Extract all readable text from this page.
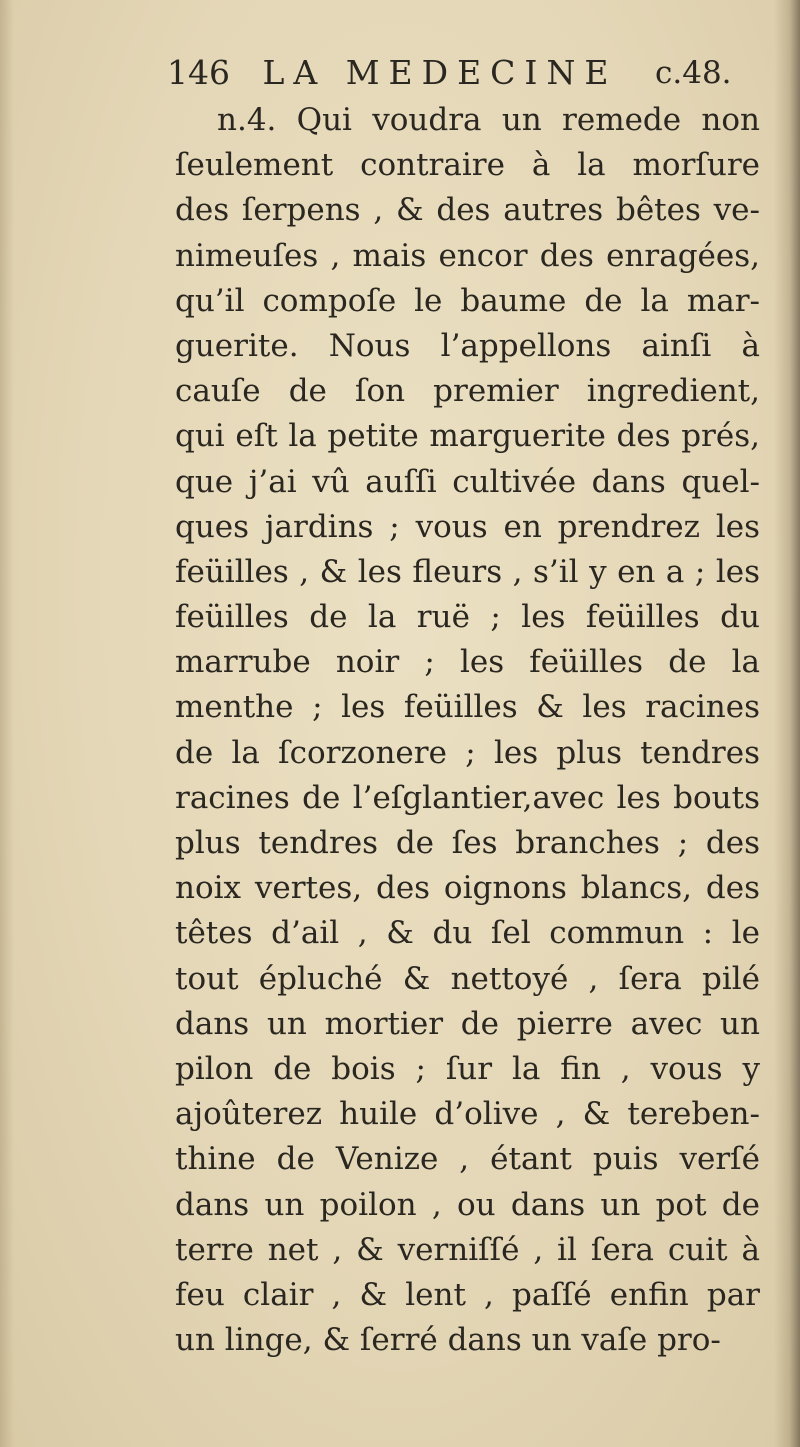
146 LA MEDECINE c.48.
n.4. Qui voudra un remede non
ſeulement contraire à la morſure
des ſerpens , & des autres bêtes ve-
nimeuſes , mais encor des enragées,
qu’il compoſe le baume de la mar-
guerite. Nous l’appellons ainſi à
cauſe de ſon premier ingredient,
qui eſt la petite marguerite des prés,
que j’ai vû auſſi cultivée dans quel-
ques jardins ; vous en prendrez les
feüilles , & les fleurs , s’il y en a ; les
feüilles de la ruë ; les feüilles du
marrube noir ; les feüilles de la
menthe ; les feüilles & les racines
de la ſcorzonere ; les plus tendres
racines de l’eſglantier,avec les bouts
plus tendres de ſes branches ; des
noix vertes, des oignons blancs, des
têtes d’ail , & du ſel commun : le
tout épluché & nettoyé , ſera pilé
dans un mortier de pierre avec un
pilon de bois ; ſur la fin , vous y
ajoûterez huile d’olive , & tereben-
thine de Venize , étant puis verſé
dans un poilon , ou dans un pot de
terre net , & verniſſé , il ſera cuit à
feu clair , & lent , paſſé enfin par
un linge, & ſerré dans un vaſe pro-
